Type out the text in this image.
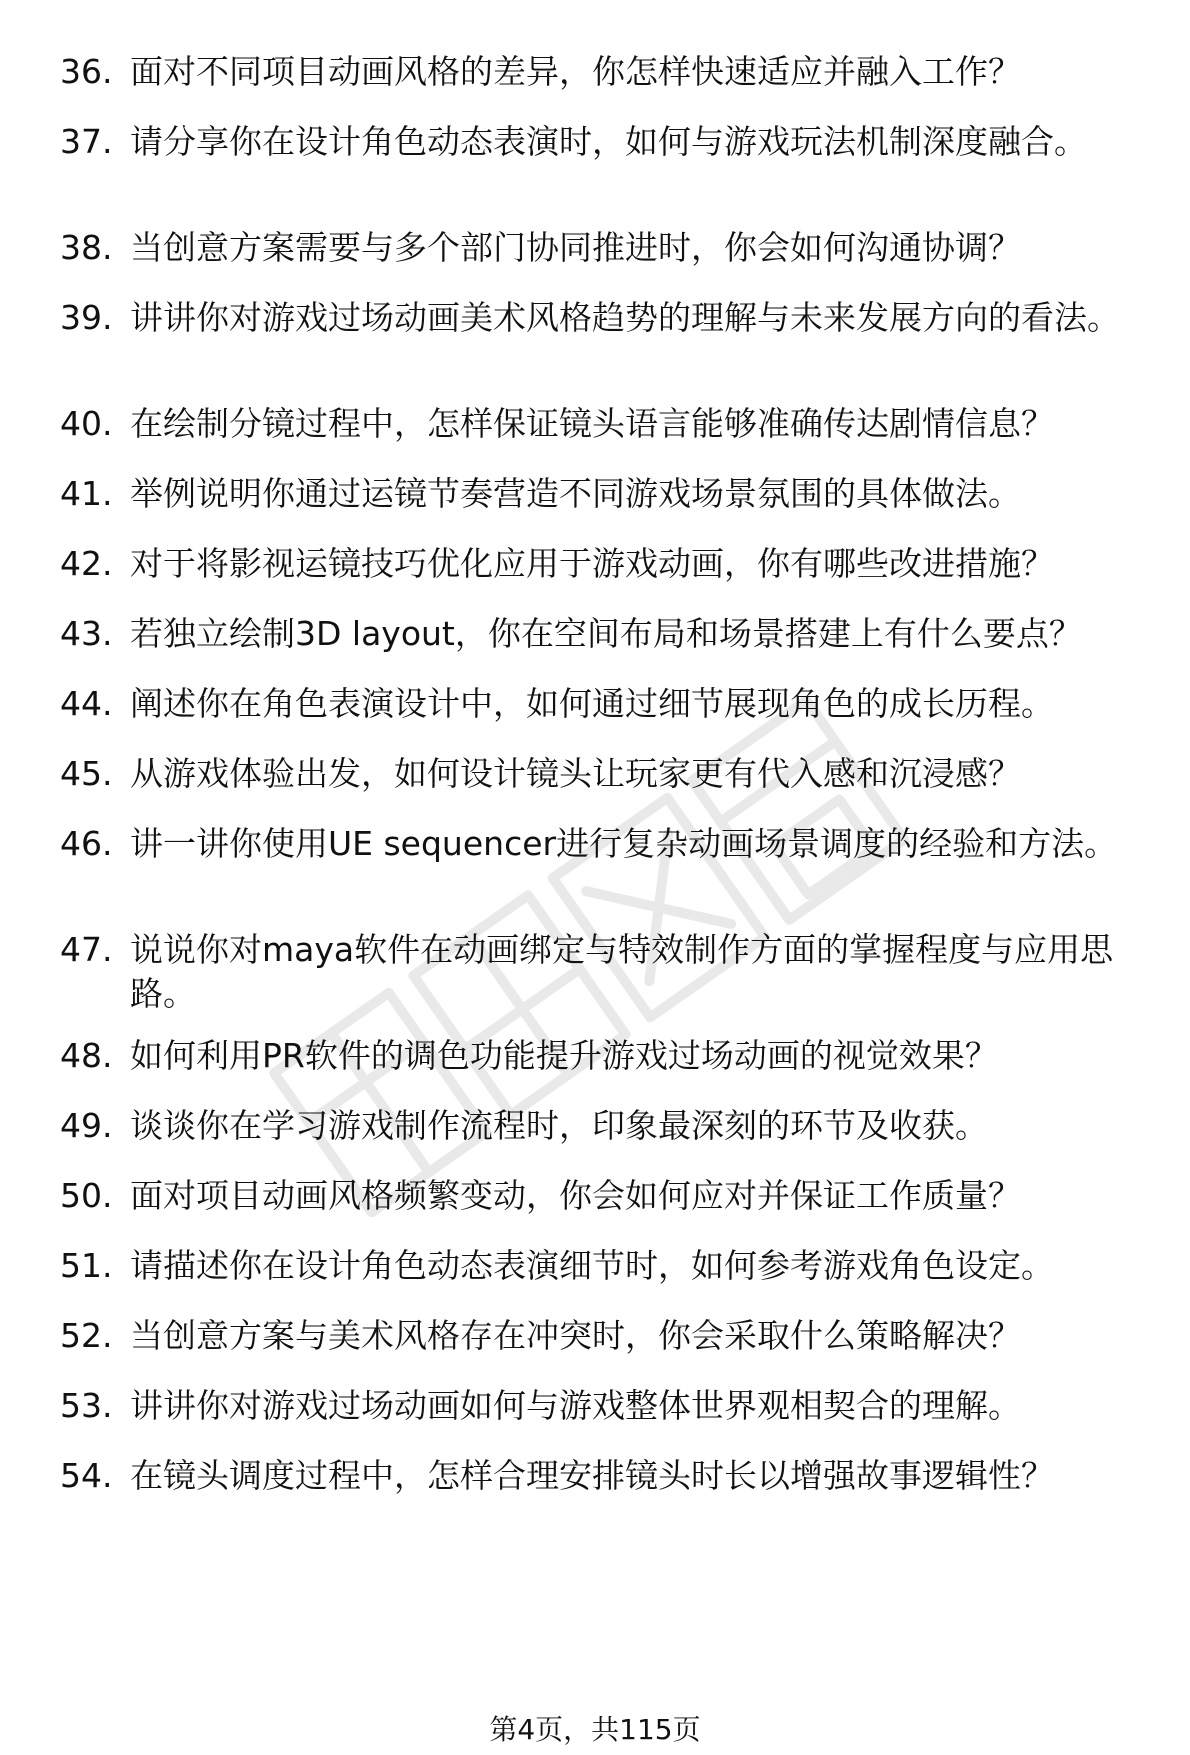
36. 面对不同项目动画风格的差异，你怎样快速适应并融入工作？
37. 请分享你在设计角色动态表演时，如何与游戏玩法机制深度融合。
38. 当创意方案需要与多个部门协同推进时，你会如何沟通协调？
39. 讲讲你对游戏过场动画美术风格趋势的理解与未来发展方向的看法。
40. 在绘制分镜过程中，怎样保证镜头语言能够准确传达剧情信息？
41. 举例说明你通过运镜节奏营造不同游戏场景氛围的具体做法。
42. 对于将影视运镜技巧优化应用于游戏动画，你有哪些改进措施？
43. 若独立绘制3D layout，你在空间布局和场景搭建上有什么要点？
44. 阐述你在角色表演设计中，如何通过细节展现角色的成长历程。
45. 从游戏体验出发，如何设计镜头让玩家更有代入感和沉浸感？
46. 讲一讲你使用UE sequencer进行复杂动画场景调度的经验和方法。
47. 说说你对maya软件在动画绑定与特效制作方面的掌握程度与应用思路。
48. 如何利用PR软件的调色功能提升游戏过场动画的视觉效果？
49. 谈谈你在学习游戏制作流程时，印象最深刻的环节及收获。
50. 面对项目动画风格频繁变动，你会如何应对并保证工作质量？
51. 请描述你在设计角色动态表演细节时，如何参考游戏角色设定。
52. 当创意方案与美术风格存在冲突时，你会采取什么策略解决？
53. 讲讲你对游戏过场动画如何与游戏整体世界观相契合的理解。
54. 在镜头调度过程中，怎样合理安排镜头时长以增强故事逻辑性？
第4页，共115页
